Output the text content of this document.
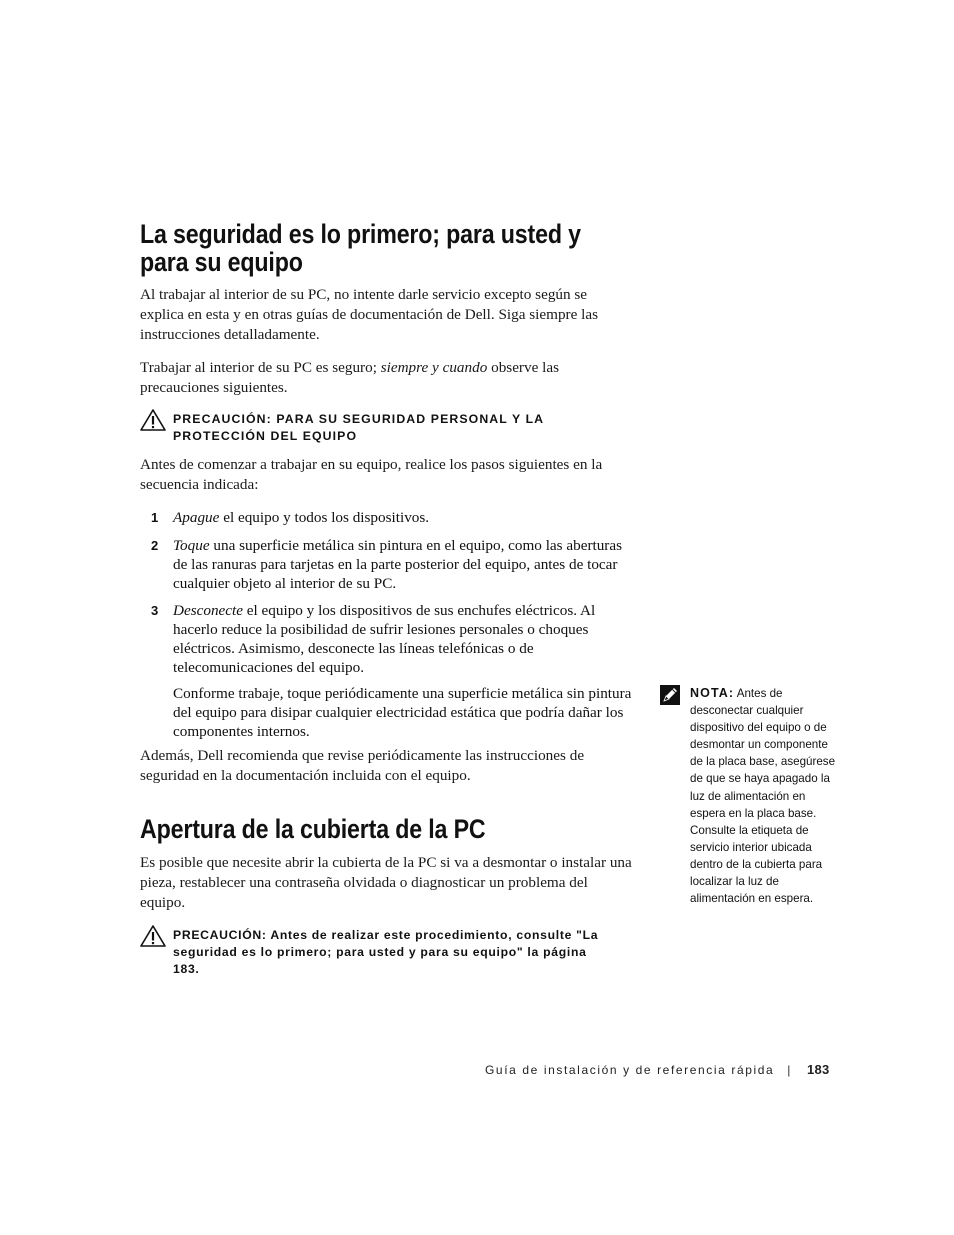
La seguridad es lo primero; para usted y para su equipo

Al trabajar al interior de su PC, no intente darle servicio excepto según se explica en esta y en otras guías de documentación de Dell. Siga siempre las instrucciones detalladamente.

Trabajar al interior de su PC es seguro; siempre y cuando observe las precauciones siguientes.

PRECAUCIÓN: PARA SU SEGURIDAD PERSONAL Y LA PROTECCIÓN DEL EQUIPO

Antes de comenzar a trabajar en su equipo, realice los pasos siguientes en la secuencia indicada:

1 Apague el equipo y todos los dispositivos.
2 Toque una superficie metálica sin pintura en el equipo, como las aberturas de las ranuras para tarjetas en la parte posterior del equipo, antes de tocar cualquier objeto al interior de su PC.
3 Desconecte el equipo y los dispositivos de sus enchufes eléctricos. Al hacerlo reduce la posibilidad de sufrir lesiones personales o choques eléctricos. Asimismo, desconecte las líneas telefónicas o de telecomunicaciones del equipo.
Conforme trabaje, toque periódicamente una superficie metálica sin pintura del equipo para disipar cualquier electricidad estática que podría dañar los componentes internos.

Además, Dell recomienda que revise periódicamente las instrucciones de seguridad en la documentación incluida con el equipo.

Apertura de la cubierta de la PC

Es posible que necesite abrir la cubierta de la PC si va a desmontar o instalar una pieza, restablecer una contraseña olvidada o diagnosticar un problema del equipo.

PRECAUCIÓN: Antes de realizar este procedimiento, consulte "La seguridad es lo primero; para usted y para su equipo" la página 183.
NOTA: Antes de desconectar cualquier dispositivo del equipo o de desmontar un componente de la placa base, asegúrese de que se haya apagado la luz de alimentación en espera en la placa base. Consulte la etiqueta de servicio interior ubicada dentro de la cubierta para localizar la luz de alimentación en espera.
Guía de instalación y de referencia rápida | 183
